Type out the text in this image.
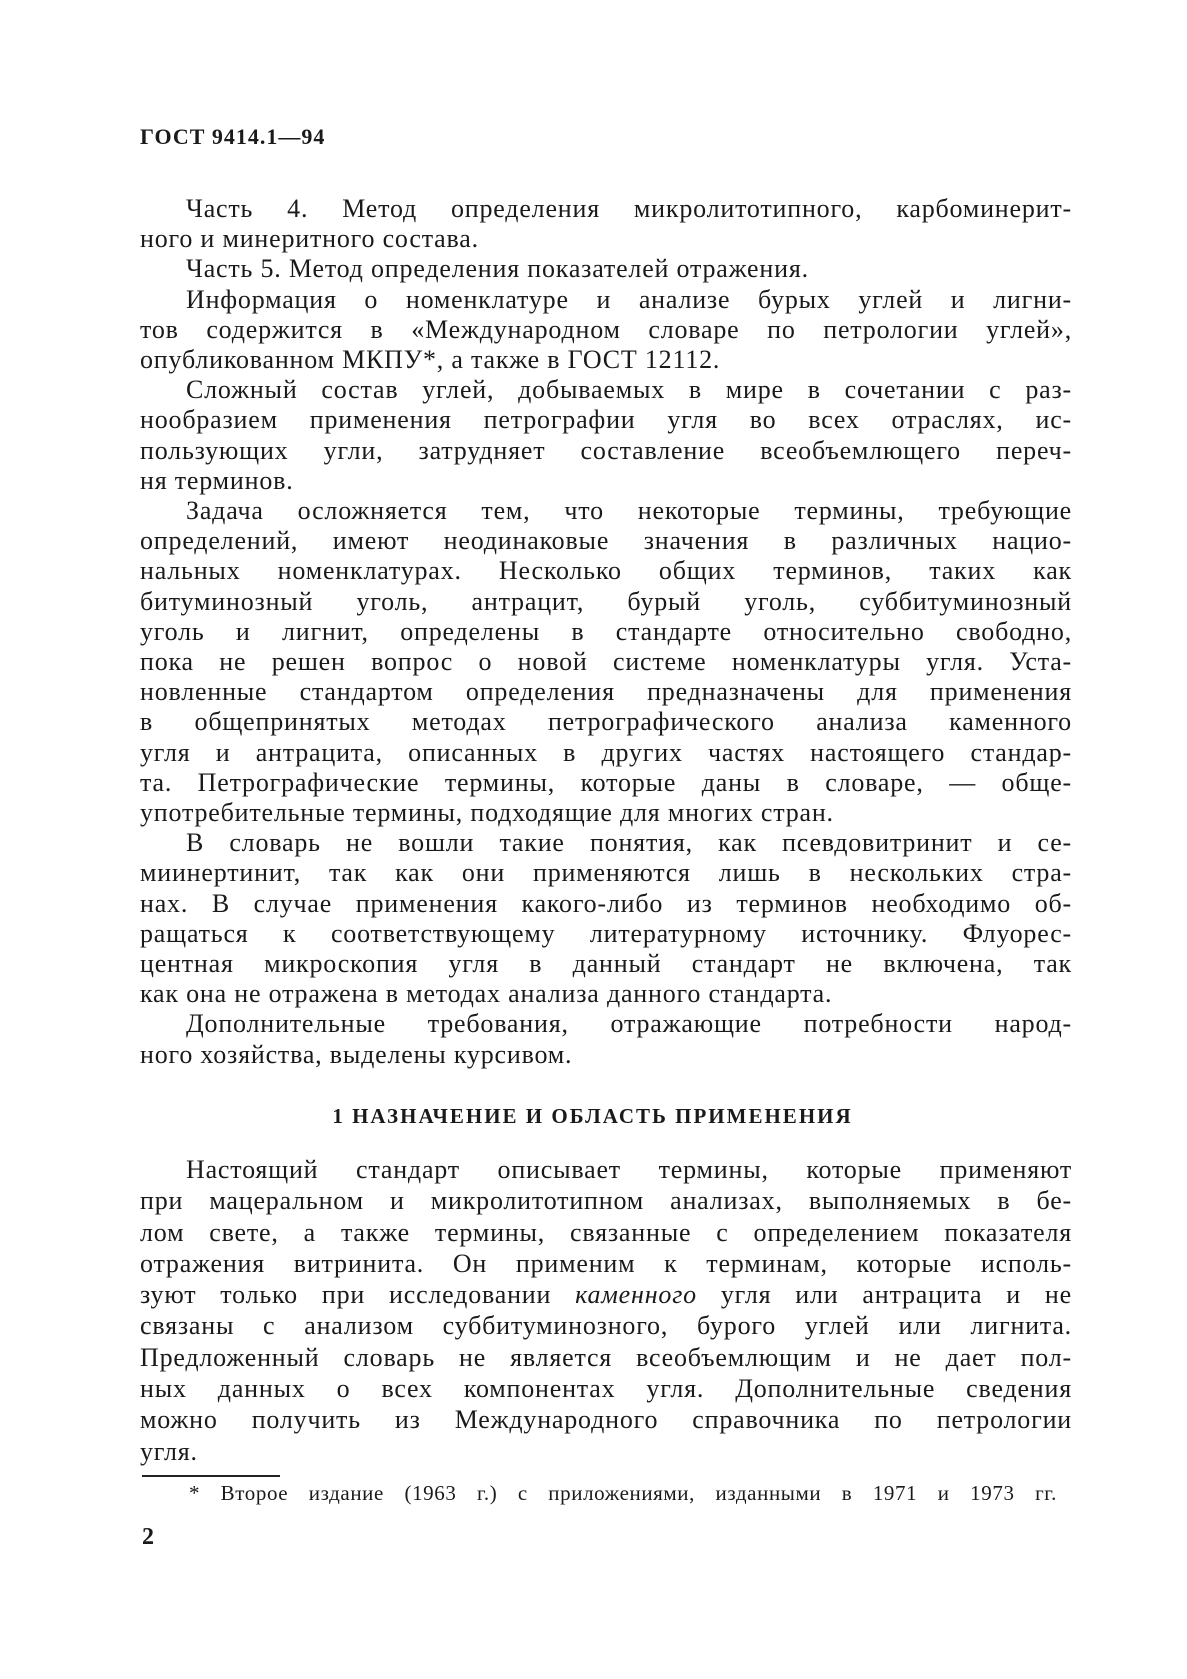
ГОСТ 9414.1—94
Часть 4. Метод определения микролитотипного, карбоминерит-
ного и минеритного состава.
Часть 5. Метод определения показателей отражения.
Информация о номенклатуре и анализе бурых углей и лигни-
тов содержится в «Международном словаре по петрологии углей»,
опубликованном МКПУ*, а также в ГОСТ 12112.
Сложный состав углей, добываемых в мире в сочетании с раз-
нообразием применения петрографии угля во всех отраслях, ис-
пользующих угли, затрудняет составление всеобъемлющего переч-
ня терминов.
Задача осложняется тем, что некоторые термины, требующие
определений, имеют неодинаковые значения в различных нацио-
нальных номенклатурах. Несколько общих терминов, таких как
битуминозный уголь, антрацит, бурый уголь, суббитуминозный
уголь и лигнит, определены в стандарте относительно свободно,
пока не решен вопрос о новой системе номенклатуры угля. Уста-
новленные стандартом определения предназначены для применения
в общепринятых методах петрографического анализа каменного
угля и антрацита, описанных в других частях настоящего стандар-
та. Петрографические термины, которые даны в словаре, — обще-
употребительные термины, подходящие для многих стран.
В словарь не вошли такие понятия, как псевдовитринит и се-
миинертинит, так как они применяются лишь в нескольких стра-
нах. В случае применения какого-либо из терминов необходимо об-
ращаться к соответствующему литературному источнику. Флуорес-
центная микроскопия угля в данный стандарт не включена, так
как она не отражена в методах анализа данного стандарта.
Дополнительные требования, отражающие потребности народ-
ного хозяйства, выделены курсивом.
1 НАЗНАЧЕНИЕ И ОБЛАСТЬ ПРИМЕНЕНИЯ
Настоящий стандарт описывает термины, которые применяют
при мацеральном и микролитотипном анализах, выполняемых в бе-
лом свете, а также термины, связанные с определением показателя
отражения витринита. Он применим к терминам, которые исполь-
зуют только при исследовании каменного угля или антрацита и не
связаны с анализом суббитуминозного, бурого углей или лигнита.
Предложенный словарь не является всеобъемлющим и не дает пол-
ных данных о всех компонентах угля. Дополнительные сведения
можно получить из Международного справочника по петрологии
угля.
* Второе издание (1963 г.) с приложениями, изданными в 1971 и 1973 гг.
2
